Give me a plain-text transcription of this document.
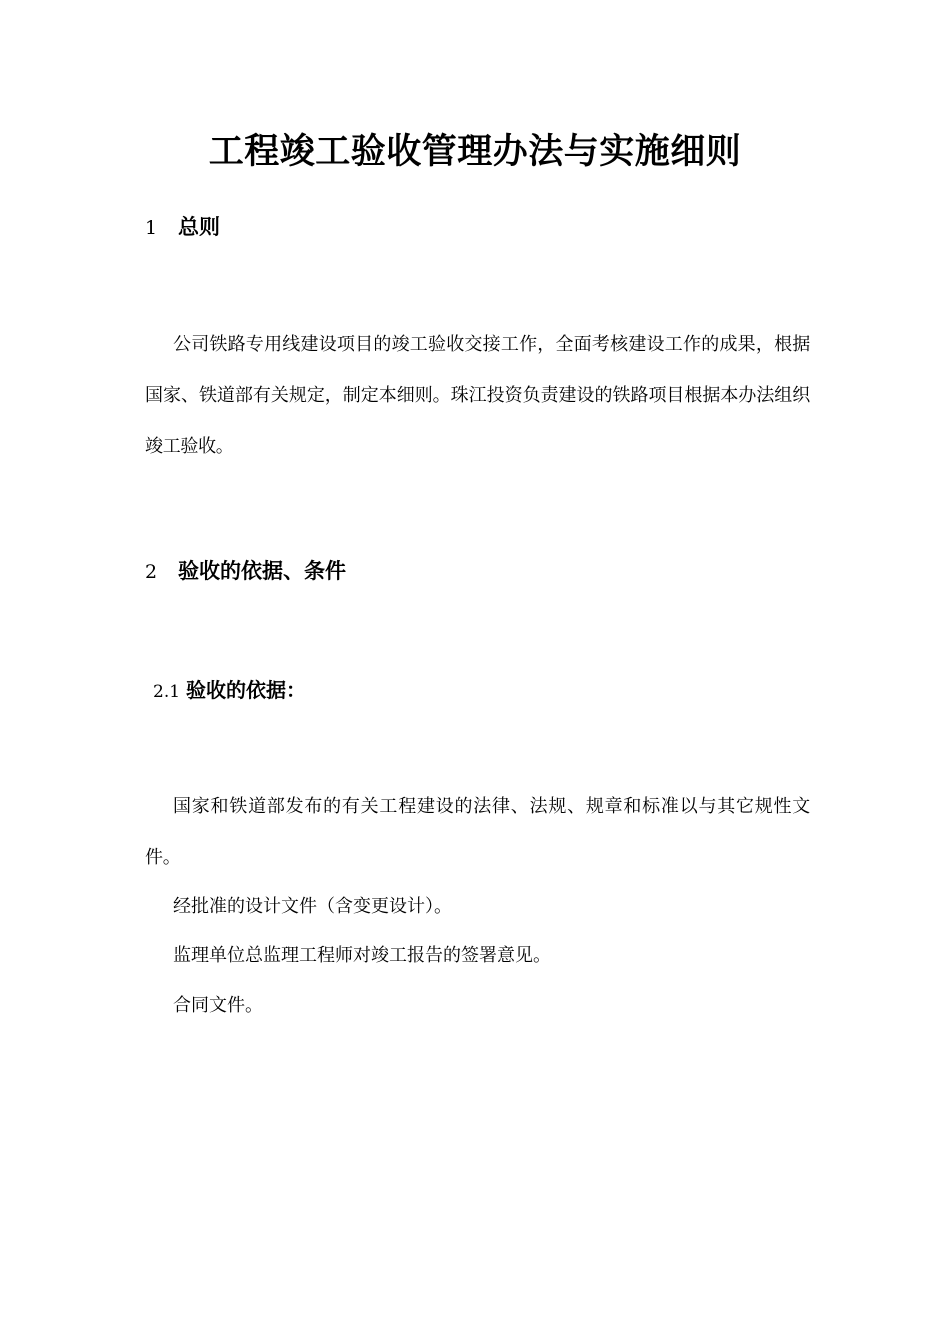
工程竣工验收管理办法与实施细则
1 总则
公司铁路专用线建设项目的竣工验收交接工作，全面考核建设工作的成果，根据国家、铁道部有关规定，制定本细则。珠江投资负责建设的铁路项目根据本办法组织竣工验收。
2 验收的依据、条件
2.1 验收的依据：
国家和铁道部发布的有关工程建设的法律、法规、规章和标准以与其它规性文件。
经批准的设计文件（含变更设计）。
监理单位总监理工程师对竣工报告的签署意见。
合同文件。
